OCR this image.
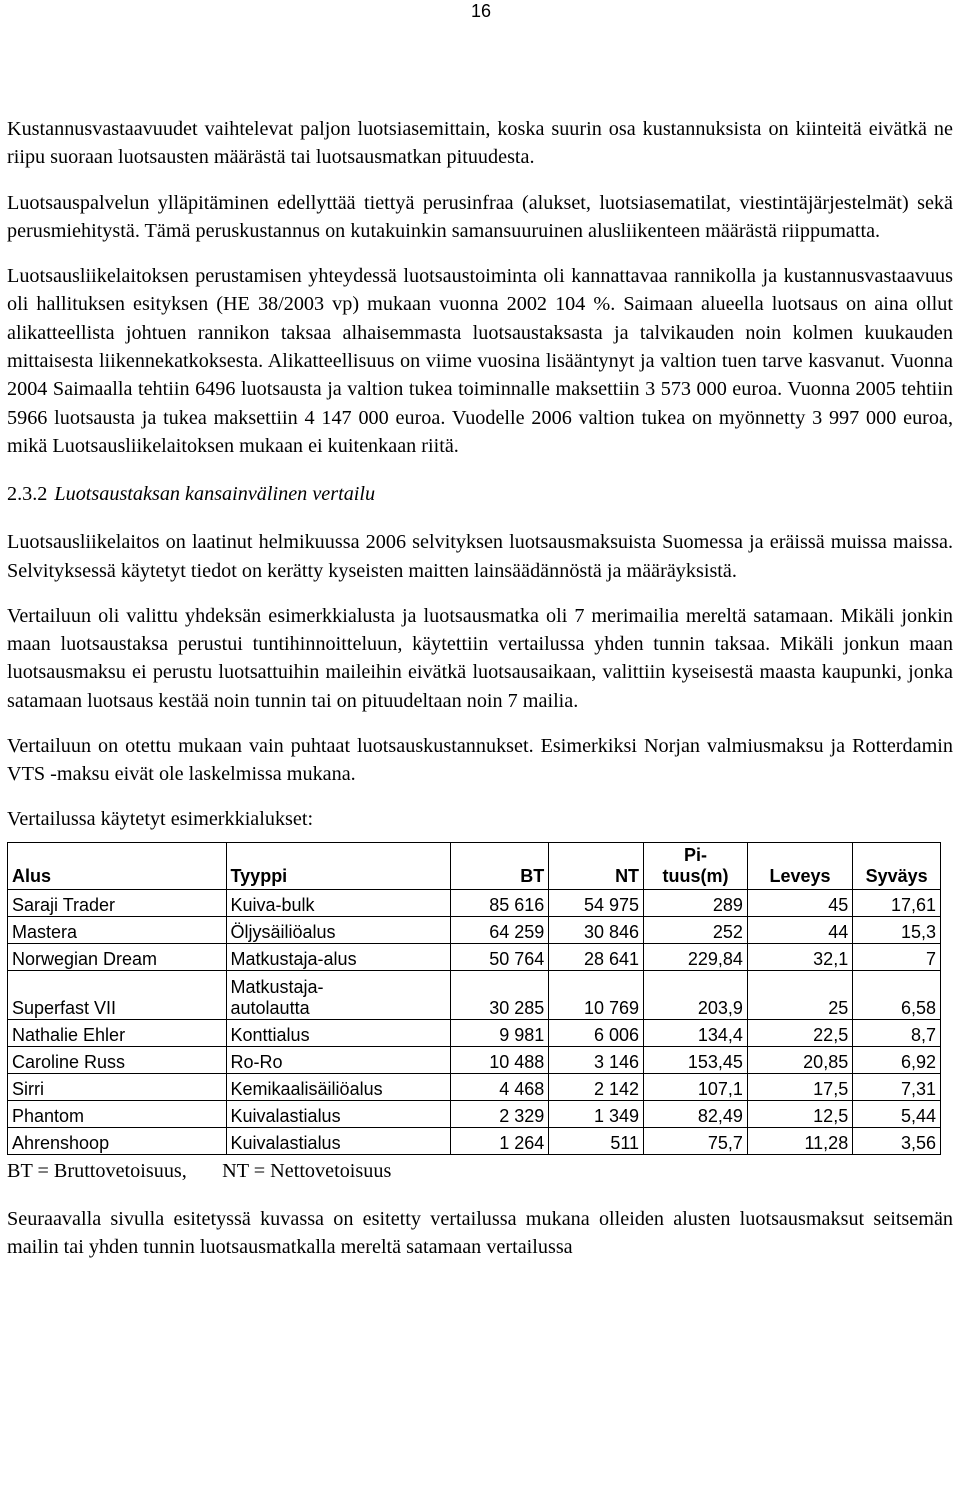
16

Kustannusvastaavuudet vaihtelevat paljon luotsiasemittain, koska suurin osa kustannuksista on kiinteitä eivätkä ne riipu suoraan luotsausten määrästä tai luotsausmatkan pituudesta.

Luotsauspalvelun ylläpitäminen edellyttää tiettyä perusinfraa (alukset, luotsiasematilat, viestintäjärjestelmät) sekä perusmiehitystä. Tämä peruskustannus on kutakuinkin samansuuruinen alusliikenteen määrästä riippumatta.

Luotsausliikelaitoksen perustamisen yhteydessä luotsaustoiminta oli kannattavaa rannikolla ja kustannusvastaavuus oli hallituksen esityksen (HE 38/2003 vp) mukaan vuonna 2002 104 %. Saimaan alueella luotsaus on aina ollut alikatteellista johtuen rannikon taksaa alhaisemmasta luotsaustaksasta ja talvikauden noin kolmen kuukauden mittaisesta liikennekatkoksesta. Alikatteellisuus on viime vuosina lisääntynyt ja valtion tuen tarve kasvanut. Vuonna 2004 Saimaalla tehtiin 6496 luotsausta ja valtion tukea toiminnalle maksettiin 3 573 000 euroa. Vuonna 2005 tehtiin 5966 luotsausta ja tukea maksettiin 4 147 000 euroa. Vuodelle 2006 valtion tukea on myönnetty 3 997 000 euroa, mikä Luotsausliikelaitoksen mukaan ei kuitenkaan riitä.

2.3.2 Luotsaustaksan kansainvälinen vertailu

Luotsausliikelaitos on laatinut helmikuussa 2006 selvityksen luotsausmaksuista Suomessa ja eräissä muissa maissa. Selvityksessä käytetyt tiedot on kerätty kyseisten maitten lainsäädännöstä ja määräyksistä.

Vertailuun oli valittu yhdeksän esimerkkialusta ja luotsausmatka oli 7 merimailia mereltä satamaan. Mikäli jonkin maan luotsaustaksa perustui tuntihinnoitteluun, käytettiin vertailussa yhden tunnin taksaa. Mikäli jonkun maan luotsausmaksu ei perustu luotsattuihin maileihin eivätkä luotsausaikaan, valittiin kyseisestä maasta kaupunki, jonka satamaan luotsaus kestää noin tunnin tai on pituudeltaan noin 7 mailia.

Vertailuun on otettu mukaan vain puhtaat luotsauskustannukset. Esimerkiksi Norjan valmiusmaksu ja Rotterdamin VTS -maksu eivät ole laskelmissa mukana.

Vertailussa käytetyt esimerkkialukset:

Alus	Tyyppi	BT	NT	Pi-
tuus(m)	Leveys	Syväys
Saraji Trader	Kuiva-bulk	85 616	54 975	289	45	17,61
Mastera	Öljysäiliöalus	64 259	30 846	252	44	15,3
Norwegian Dream	Matkustaja-alus	50 764	28 641	229,84	32,1	7
Superfast VII	Matkustaja-
autolautta	30 285	10 769	203,9	25	6,58
Nathalie Ehler	Konttialus	9 981	6 006	134,4	22,5	8,7
Caroline Russ	Ro-Ro	10 488	3 146	153,45	20,85	6,92
Sirri	Kemikaalisäiliöalus	4 468	2 142	107,1	17,5	7,31
Phantom	Kuivalastialus	2 329	1 349	82,49	12,5	5,44
Ahrenshoop	Kuivalastialus	1 264	511	75,7	11,28	3,56

BT = Bruttovetoisuus, NT = Nettovetoisuus

Seuraavalla sivulla esitetyssä kuvassa on esitetty vertailussa mukana olleiden alusten luotsausmaksut seitsemän mailin tai yhden tunnin luotsausmatkalla mereltä satamaan vertailussa
